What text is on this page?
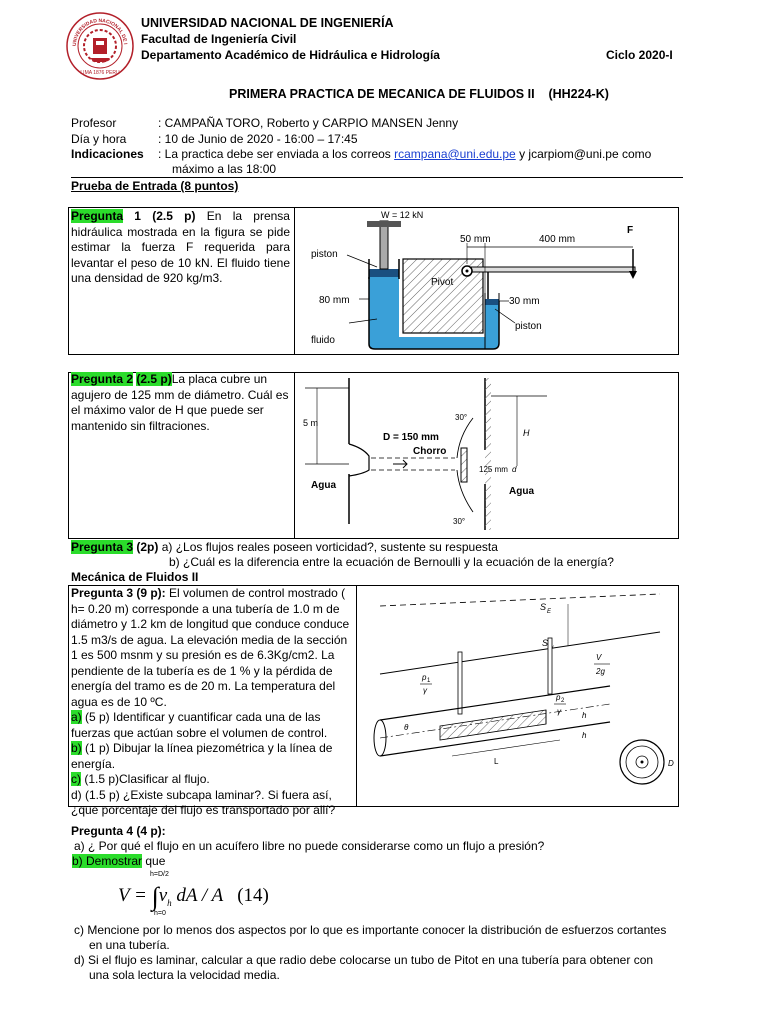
UNIVERSIDAD NACIONAL DE I
LIMA 1876 PERU
UNIVERSIDAD NACIONAL DE INGENIERÍA
Facultad de Ingeniería Civil
Departamento Académico de Hidráulica e Hidrología	Ciclo 2020-I
PRIMERA PRACTICA DE MECANICA DE FLUIDOS II (HH224-K)
Profesor	: CAMPAÑA TORO, Roberto y CARPIO MANSEN Jenny
Día y hora	: 10 de Junio de 2020 - 16:00 – 17:45
Indicaciones : La practica debe ser enviada a los correos rcampana@uni.edu.pe y jcarpiom@uni.pe como
máximo a las 18:00
Prueba de Entrada (8 puntos)
Pregunta 1 (2.5 p) En la prensa hidráulica mostrada en la figura se pide estimar la fuerza F requerida para levantar el peso de 10 kN. El fluido tiene una densidad de 920 kg/m3.
W = 12 kN
F
50 mm	400 mm
piston
Pivot
80 mm	30 mm
piston
fluido
Pregunta 2 (2.5 p)La placa cubre un agujero de 125 mm de diámetro. Cuál es el máximo valor de H que puede ser mantenido sin filtraciones.	5 m
Agua
D = 150 mm
Chorro
30°
30°
H
125 mm d
Agua
Pregunta 3 (2p) a) ¿Los flujos reales poseen vorticidad?, sustente su respuesta
b) ¿Cuál es la diferencia entre la ecuación de Bernoulli y la ecuación de la energía?
Mecánica de Fluidos II
Pregunta 3 (9 p): El volumen de control mostrado ( h= 0.20 m) corresponde a una tubería de 1.0 m de diámetro y 1.2 km de longitud que conduce conduce 1.5 m3/s de agua. La elevación media de la sección 1 es 500 msnm y su presión es de 6.3Kg/cm2. La pendiente de la tubería es de 1 % y la pérdida de energía del tramo es de 20 m. La temperatura del agua es de 10 ºC.
a) (5 p) Identificar y cuantificar cada una de las fuerzas que actúan sobre el volumen de control.
b) (1 p) Dibujar la línea piezométrica y la línea de energía.
c) (1.5 p)Clasificar al flujo.
d) (1.5 p) ¿Existe subcapa laminar?. Si fuera así, ¿que porcentaje del flujo es transportado por allí?
S E
S
V
2g
p 1
γ
p 2
θ
h
h
L	D
Pregunta 4 (4 p):
a) ¿ Por qué el flujo en un acuífero libre no puede considerarse como un flujo a presión?
b) Demostrar que
h=D/2
h=0
$V = \int v_h$ dA / A (14)
c) Mencione por lo menos dos aspectos por lo que es importante conocer la distribución de esfuerzos cortantes
en una tubería.
d) Si el flujo es laminar, calcular a que radio debe colocarse un tubo de Pitot en una tubería para obtener con
una sola lectura la velocidad media.
